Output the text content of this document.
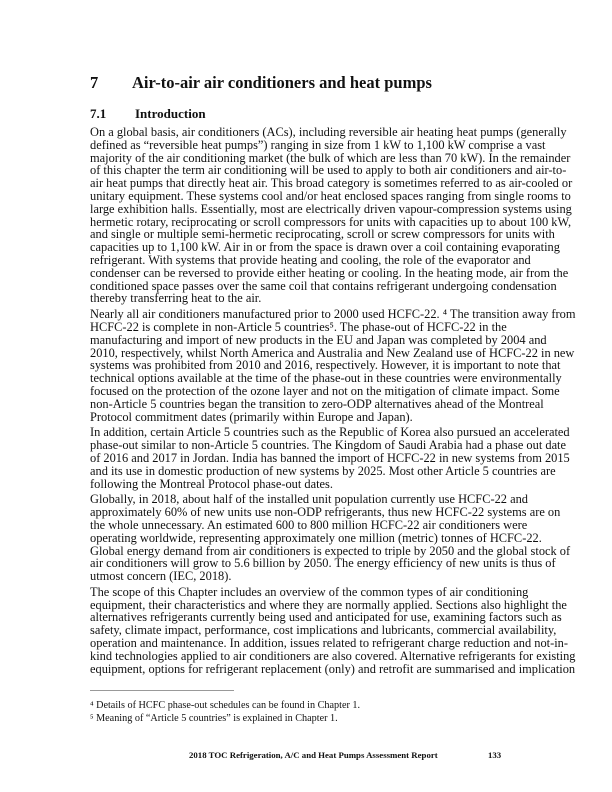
7 Air-to-air air conditioners and heat pumps
7.1 Introduction
On a global basis, air conditioners (ACs), including reversible air heating heat pumps (generally
defined as “reversible heat pumps”) ranging in size from 1 kW to 1,100 kW comprise a vast
majority of the air conditioning market (the bulk of which are less than 70 kW). In the remainder
of this chapter the term air conditioning will be used to apply to both air conditioners and air-to-
air heat pumps that directly heat air. This broad category is sometimes referred to as air-cooled or
unitary equipment. These systems cool and/or heat enclosed spaces ranging from single rooms to
large exhibition halls. Essentially, most are electrically driven vapour-compression systems using
hermetic rotary, reciprocating or scroll compressors for units with capacities up to about 100 kW,
and single or multiple semi-hermetic reciprocating, scroll or screw compressors for units with
capacities up to 1,100 kW. Air in or from the space is drawn over a coil containing evaporating
refrigerant. With systems that provide heating and cooling, the role of the evaporator and
condenser can be reversed to provide either heating or cooling. In the heating mode, air from the
conditioned space passes over the same coil that contains refrigerant undergoing condensation
thereby transferring heat to the air.
Nearly all air conditioners manufactured prior to 2000 used HCFC-22. ⁴ The transition away from
HCFC-22 is complete in non-Article 5 countries⁵. The phase-out of HCFC-22 in the
manufacturing and import of new products in the EU and Japan was completed by 2004 and
2010, respectively, whilst North America and Australia and New Zealand use of HCFC-22 in new
systems was prohibited from 2010 and 2016, respectively. However, it is important to note that
technical options available at the time of the phase-out in these countries were environmentally
focused on the protection of the ozone layer and not on the mitigation of climate impact. Some
non-Article 5 countries began the transition to zero-ODP alternatives ahead of the Montreal
Protocol commitment dates (primarily within Europe and Japan).
In addition, certain Article 5 countries such as the Republic of Korea also pursued an accelerated
phase-out similar to non-Article 5 countries. The Kingdom of Saudi Arabia had a phase out date
of 2016 and 2017 in Jordan. India has banned the import of HCFC-22 in new systems from 2015
and its use in domestic production of new systems by 2025. Most other Article 5 countries are
following the Montreal Protocol phase-out dates.
Globally, in 2018, about half of the installed unit population currently use HCFC-22 and
approximately 60% of new units use non-ODP refrigerants, thus new HCFC-22 systems are on
the whole unnecessary. An estimated 600 to 800 million HCFC-22 air conditioners were
operating worldwide, representing approximately one million (metric) tonnes of HCFC-22.
Global energy demand from air conditioners is expected to triple by 2050 and the global stock of
air conditioners will grow to 5.6 billion by 2050. The energy efficiency of new units is thus of
utmost concern (IEC, 2018).
The scope of this Chapter includes an overview of the common types of air conditioning
equipment, their characteristics and where they are normally applied. Sections also highlight the
alternatives refrigerants currently being used and anticipated for use, examining factors such as
safety, climate impact, performance, cost implications and lubricants, commercial availability,
operation and maintenance. In addition, issues related to refrigerant charge reduction and not-in-
kind technologies applied to air conditioners are also covered. Alternative refrigerants for existing
equipment, options for refrigerant replacement (only) and retrofit are summarised and implication
⁴ Details of HCFC phase-out schedules can be found in Chapter 1.
⁵ Meaning of “Article 5 countries” is explained in Chapter 1.
2018 TOC Refrigeration, A/C and Heat Pumps Assessment Report	133
